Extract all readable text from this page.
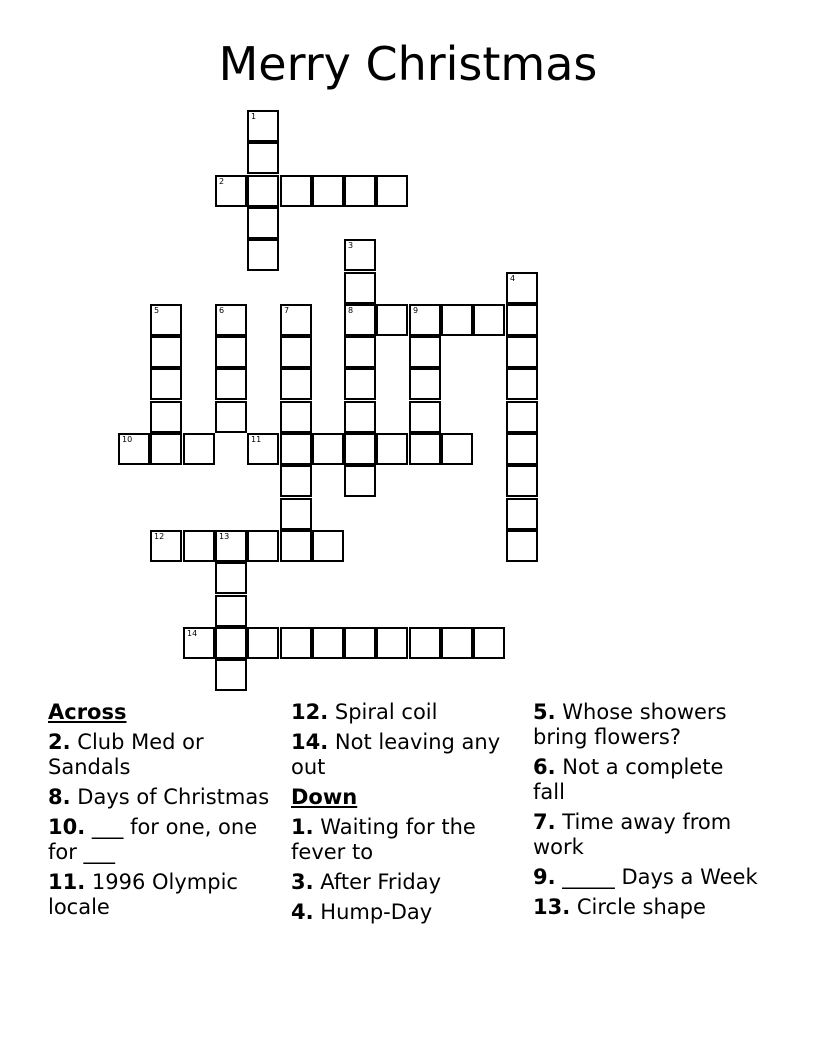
Merry Christmas
1
2
3
4
5	6	7	8	9
10	11
12	13
14
Across
2. Club Med or Sandals
8. Days of Christmas
10. ___ for one, one for ___
11. 1996 Olympic locale
12. Spiral coil
14. Not leaving any out
Down
1. Waiting for the fever to
3. After Friday
4. Hump-Day
5. Whose showers bring flowers?
6. Not a complete fall
7. Time away from work
9. _____ Days a Week
13. Circle shape
